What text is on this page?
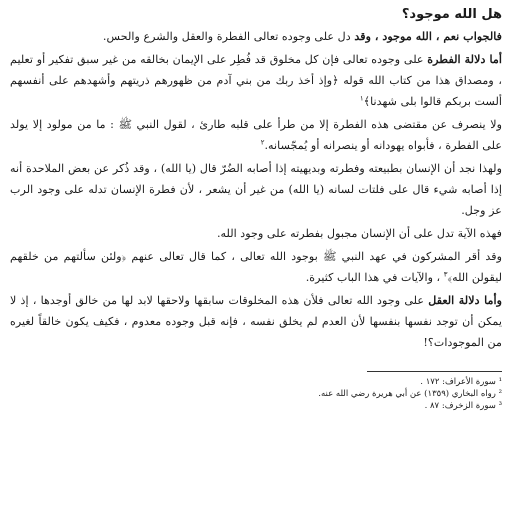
هل الله موجود؟

فالجواب نعم ، الله موجود ، وقد دل على وجوده تعالى الفطرة والعقل والشرع والحس.

أما دلالة الفطرة على وجوده تعالى فإن كل مخلوق قد فُطِر على الإيمان بخالقه من غير سبق تفكير أو تعليم ، ومصداق هذا من كتاب الله قوله ﴿وإذ أخذ ربك من بني آدم من ظهورهم ذريتهم وأشهدهم على أنفسهم ألست بربكم قالوا بلى شهدنا﴾$^١$

ولا ينصرف عن مقتضى هذه الفطرة إلا من طرأ على قلبه طارئ ، لقول النبي ﷺ : ما من مولود إلا يولد على الفطرة ، فأبواه يهودانه أو ينصرانه أو يُمجّسانه.$^٢$

ولهذا نجد أن الإنسان بطبيعته وفطرته وبديهيته إذا أصابه الضُرّ قال (يا الله) ، وقد ذُكر عن بعض الملاحدة أنه إذا أصابه شيء قال على فلتات لسانه (يا الله) من غير أن يشعر ، لأن فطرة الإنسان تدله على وجود الرب عز وجل.

فهذه الآية تدل على أن الإنسان مجبول بفطرته على وجود الله.

وقد أقر المشركون في عهد النبي ﷺ بوجود الله تعالى ، كما قال تعالى عنهم ﴿ولئن سألتهم من خلقهم ليقولن الله﴾$^٣$ ، والآيات في هذا الباب كثيرة.

وأما دلالة العقل على وجود الله تعالى فلأن هذه المخلوقات سابقها ولاحقها لابد لها من خالق أوجدها ، إذ لا يمكن أن توجد نفسها بنفسها لأن العدم لم يخلق نفسه ، فإنه قبل وجوده معدوم ، فكيف يكون خالقاً لغيره من الموجودات؟!

¹ سورة الأعراف: ١٧٢ .

² رواه البخاري (١٣٥٩) عن أبي هريرة رضي الله عنه.

³ سورة الزخرف: ٨٧ .
